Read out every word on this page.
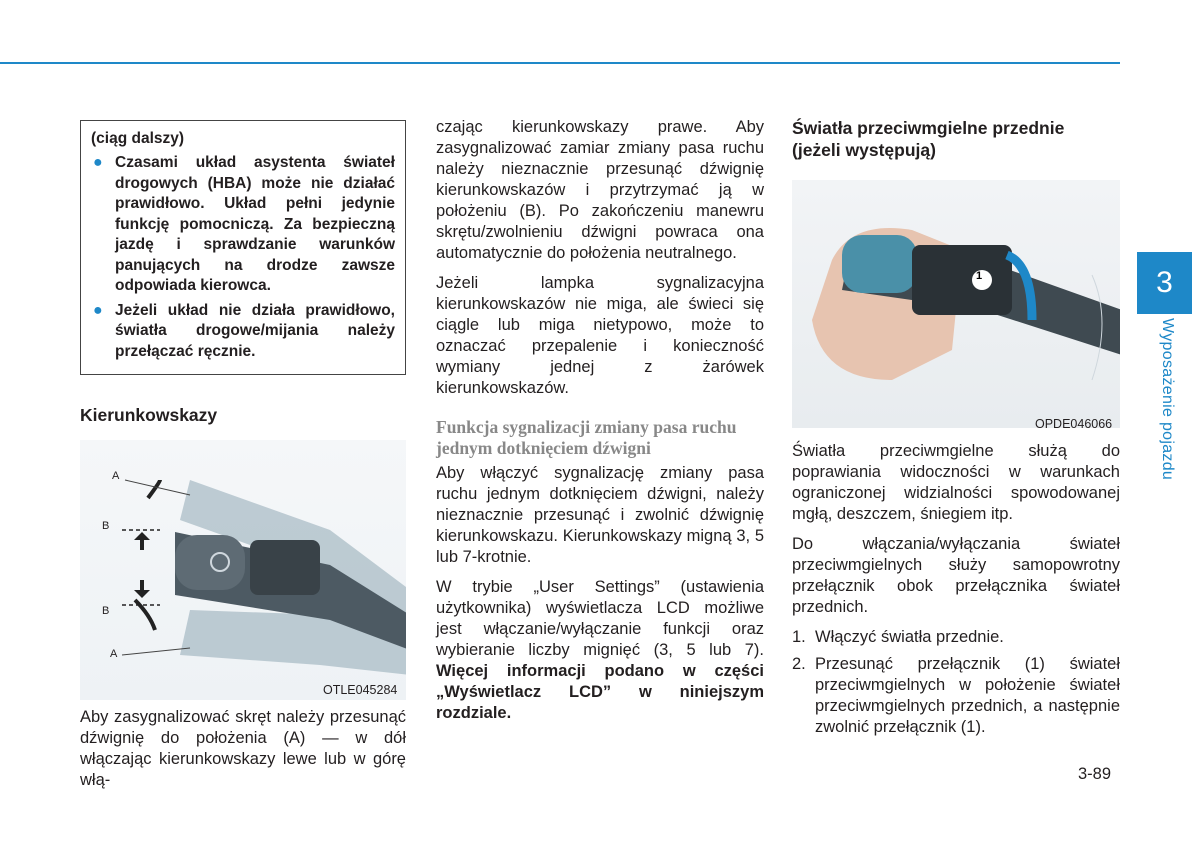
(ciąg dalszy)
● Czasami układ asystenta świateł drogowych (HBA) może nie działać prawidłowo. Układ pełni jedynie funkcję pomocniczą. Za bezpieczną jazdę i sprawdzanie warunków panujących na drodze zawsze odpowiada kierowca.
● Jeżeli układ nie działa prawidłowo, światła drogowe/mijania należy przełączać ręcznie.
Kierunkowskazy
A
B
B
A
OTLE045284

Aby zasygnalizować skręt należy przesunąć dźwignię do położenia (A) — w dół włączając kierunkowskazy lewe lub w górę włą-

czając kierunkowskazy prawe. Aby zasygnalizować zamiar zmiany pasa ruchu należy nieznacznie przesunąć dźwignię kierunkowskazów i przytrzymać ją w położeniu (B). Po zakończeniu manewru skrętu/zwolnieniu dźwigni powraca ona automatycznie do położenia neutralnego.

Jeżeli lampka sygnalizacyjna kierunkowskazów nie miga, ale świeci się ciągle lub miga nietypowo, może to oznaczać przepalenie i konieczność wymiany jednej z żarówek kierunkowskazów.

Funkcja sygnalizacji zmiany pasa ruchu jednym dotknięciem dźwigni

Aby włączyć sygnalizację zmiany pasa ruchu jednym dotknięciem dźwigni, należy nieznacznie przesunąć i zwolnić dźwignię kierunkowskazu. Kierunkowskazy migną 3, 5 lub 7-krotnie.

W trybie „User Settings” (ustawienia użytkownika) wyświetlacza LCD możliwe jest włączanie/wyłączanie funkcji oraz wybieranie liczby mignięć (3, 5 lub 7). Więcej informacji podano w części „Wyświetlacz LCD” w niniejszym rozdziale.

Światła przeciwmgielne przednie (jeżeli występują)
1
OPDE046066

Światła przeciwmgielne służą do poprawiania widoczności w warunkach ograniczonej widzialności spowodowanej mgłą, deszczem, śniegiem itp.

Do włączania/wyłączania świateł przeciwmgielnych służy samopowrotny przełącznik obok przełącznika świateł przednich.

1. Włączyć światła przednie.

2. Przesunąć przełącznik (1) świateł przeciwmgielnych w położenie świateł przeciwmgielnych przednich, a następnie zwolnić przełącznik (1).

3
Wyposażenie pojazdu
3-89
